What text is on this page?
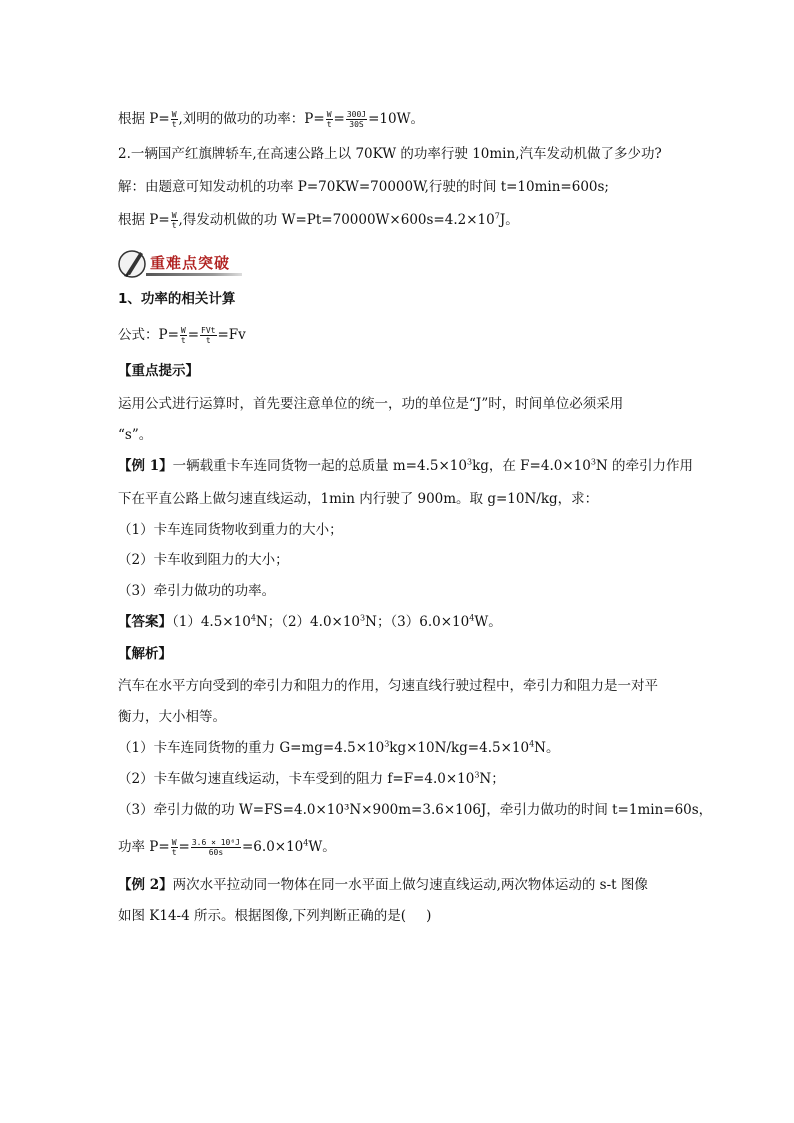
根据 $P= \frac{W}{t}$ ,刘明的做功的功率：$P= \frac{W}{t} = \frac{300J}{30S} =10W$。
2.一辆国产红旗牌轿车,在高速公路上以 70KW 的功率行驶 10min,汽车发动机做了多少功?
解：由题意可知发动机的功率 P=70KW=70000W,行驶的时间 t=10min=600s;
根据 $P= \frac{W}{t}$ ,得发动机做的功 $W=Pt=70000W\times 600s=4.2\times 10^7J$。
重难点突破
1、功率的相关计算
公式：$P= \frac{W}{t} = \frac{\text{FVt}}{t} =Fv$
【重点提示】
运用公式进行运算时，首先要注意单位的统一，功的单位是“J”时，时间单位必须采用
“s”。
【例 1】一辆载重卡车连同货物一起的总质量 $m=4.5\times 10^3kg$，在 $F=4.0\times 10^3N$ 的牵引力作用
下在平直公路上做匀速直线运动，1min 内行驶了 900m。取 g=10N/kg，求：
（1）卡车连同货物收到重力的大小；
（2）卡车收到阻力的大小；
（3）牵引力做功的功率。
【答案】$(1)4.5\times 10^4N$；$(2)4.0\times 10^3N$；$(3)6.0\times 10^4W$。
【解析】
汽车在水平方向受到的牵引力和阻力的作用，匀速直线行驶过程中，牵引力和阻力是一对平
衡力，大小相等。
（1）卡车连同货物的重力 $G=mg=4.5\times 10^3kg\times 10N/kg=4.5\times 10^4N$。
（2）卡车做匀速直线运动，卡车受到的阻力 $f=F=4.0\times 10^3N$；
（3）牵引力做的功 W=FS=4.0×10³N×900m=3.6×106J，牵引力做功的时间 t=1min=60s，
功率 $P= \frac{W}{t} = \frac{\text{3.6 × 10⁶J}}{60s} =6.0\times 10^4W$。
【例 2】两次水平拉动同一物体在同一水平面上做匀速直线运动,两次物体运动的 s-t 图像
如图 K14-4 所示。根据图像,下列判断正确的是( )
